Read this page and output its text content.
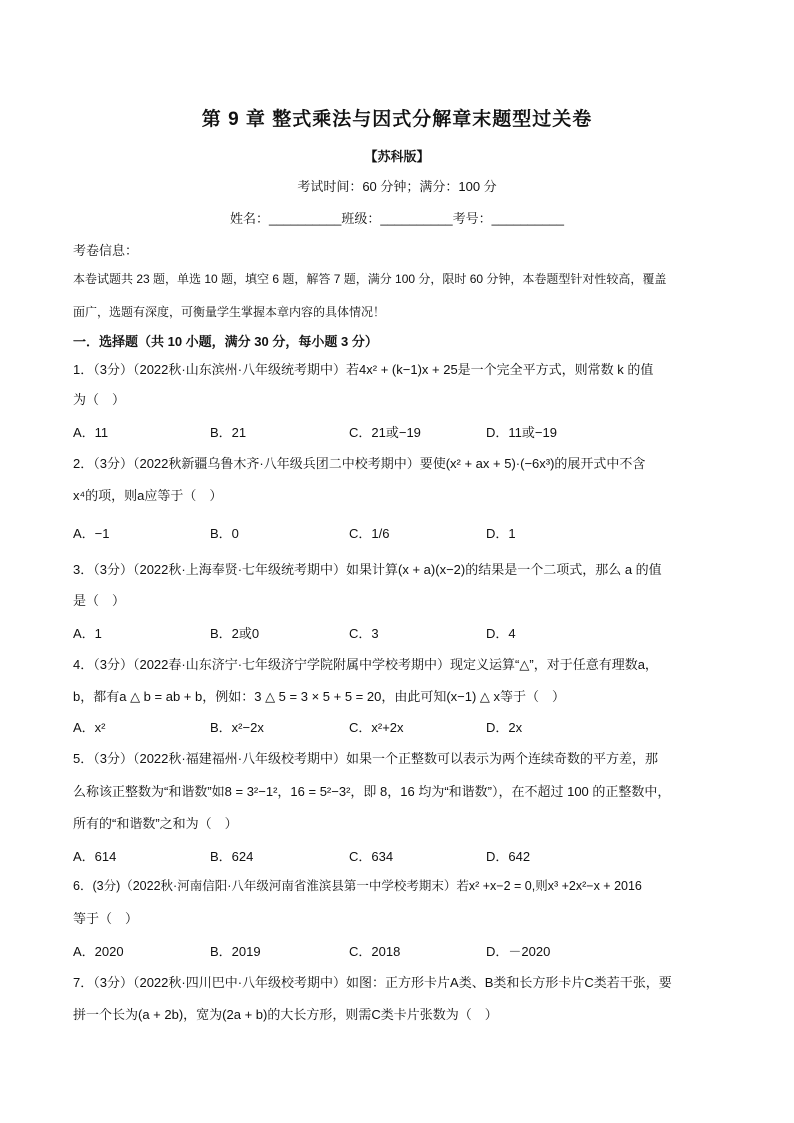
第 9 章 整式乘法与因式分解章末题型过关卷
【苏科版】
考试时间：60 分钟；满分：100 分
姓名：__________班级：__________考号：__________
考卷信息：
本卷试题共 23 题，单选 10 题，填空 6 题，解答 7 题，满分 100 分，限时 60 分钟，本卷题型针对性较高，覆盖
面广，选题有深度，可衡量学生掌握本章内容的具体情况！
一．选择题（共 10 小题，满分 30 分，每小题 3 分）
1．（3分）（2022秋·山东滨州·八年级统考期中）若4x² + (k−1)x + 25是一个完全平方式，则常数 k 的值
为（　）
A．11	B．21	C．21或−19	D．11或−19
2．（3分）（2022秋新疆乌鲁木齐·八年级兵团二中校考期中）要使(x² + ax + 5)·(−6x³)的展开式中不含
x⁴的项，则a应等于（　）
A．−1	B．0	C．1/6	D．1
3．（3分）（2022秋·上海奉贤·七年级统考期中）如果计算(x + a)(x−2)的结果是一个二项式，那么 a 的值
是（　）
A．1	B．2或0	C．3	D．4
4．（3分）（2022春·山东济宁·七年级济宁学院附属中学校考期中）现定义运算“△”，对于任意有理数a，
b，都有a △ b = ab + b，例如：3 △ 5 = 3 × 5 + 5 = 20，由此可知(x−1) △ x等于（　）
A．x²	B．x²−2x	C．x²+2x	D．2x
5．（3分）（2022秋·福建福州·八年级校考期中）如果一个正整数可以表示为两个连续奇数的平方差，那
么称该正整数为“和谐数”如8 = 3²−1²，16 = 5²−3²，即 8，16 均为“和谐数”），在不超过 100 的正整数中，
所有的“和谐数”之和为（　）
A．614	B．624	C．634	D．642
6．(3分)（2022秋·河南信阳·八年级河南省淮滨县第一中学校考期末）若x² +x−2 = 0,则x³ +2x²−x + 2016
等于（　）
A．2020	B．2019	C．2018	D．－2020
7．（3分）（2022秋·四川巴中·八年级校考期中）如图：正方形卡片A类、B类和长方形卡片C类若干张，要
拼一个长为(a + 2b)，宽为(2a + b)的大长方形，则需C类卡片张数为（　）
